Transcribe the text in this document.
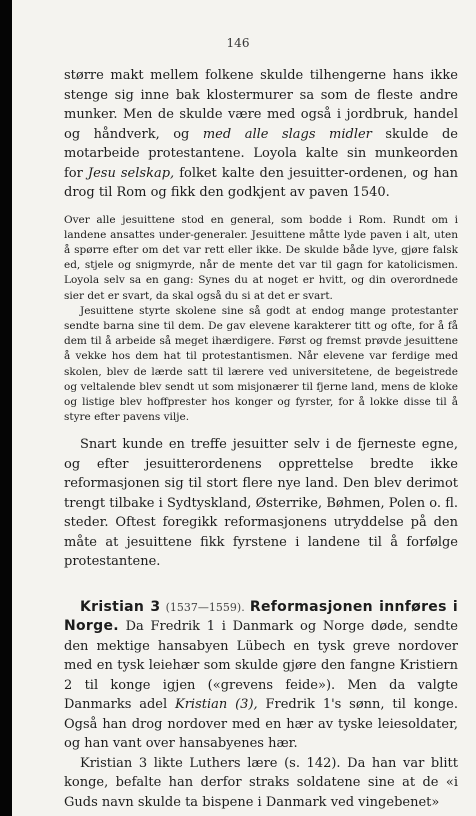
146

større makt mellem folkene skulde tilhengerne hans ikke stenge sig inne bak klostermurer sa som de fleste andre munker. Men de skulde være med også i jordbruk, handel og håndverk, og med alle slags midler skulde de motarbeide protestantene. Loyola kalte sin munkeorden for Jesu selskap, folket kalte den jesuitter-ordenen, og han drog til Rom og fikk den godkjent av paven 1540.

Over alle jesuittene stod en general, som bodde i Rom. Rundt om i landene ansattes under-generaler. Jesuittene måtte lyde paven i alt, uten å spørre efter om det var rett eller ikke. De skulde både lyve, gjøre falsk ed, stjele og snigmyrde, når de mente det var til gagn for katolicismen. Loyola selv sa en gang: Synes du at noget er hvitt, og din overordnede sier det er svart, da skal også du si at det er svart.

Jesuittene styrte skolene sine så godt at endog mange protestanter sendte barna sine til dem. De gav elevene karakterer titt og ofte, for å få dem til å arbeide så meget ihærdigere. Først og fremst prøvde jesuittene å vekke hos dem hat til protestantismen. Når elevene var ferdige med skolen, blev de lærde satt til lærere ved universitetene, de begeistrede og veltalende blev sendt ut som misjonærer til fjerne land, mens de kloke og listige blev hoffprester hos konger og fyrster, for å lokke disse til å styre efter pavens vilje.

Snart kunde en treffe jesuitter selv i de fjerneste egne, og efter jesuitterordenens opprettelse bredte ikke reformasjonen sig til stort flere nye land. Den blev derimot trengt tilbake i Sydtyskland, Østerrike, Bøhmen, Polen o. fl. steder. Oftest foregikk reformasjonens utryddelse på den måte at jesuittene fikk fyrstene i landene til å forfølge protestantene.

Kristian 3 (1537—1559). Reformasjonen innføres i Norge. Da Fredrik 1 i Danmark og Norge døde, sendte den mektige hansabyen Lübech en tysk greve nordover med en tysk leiehær som skulde gjøre den fangne Kristiern 2 til konge igjen («grevens feide»). Men da valgte Danmarks adel Kristian (3), Fredrik 1's sønn, til konge. Også han drog nordover med en hær av tyske leiesoldater, og han vant over hansabyenes hær.

Kristian 3 likte Luthers lære (s. 142). Da han var blitt konge, befalte han derfor straks soldatene sine at de «i Guds navn skulde ta bispene i Danmark ved vingebenet»
